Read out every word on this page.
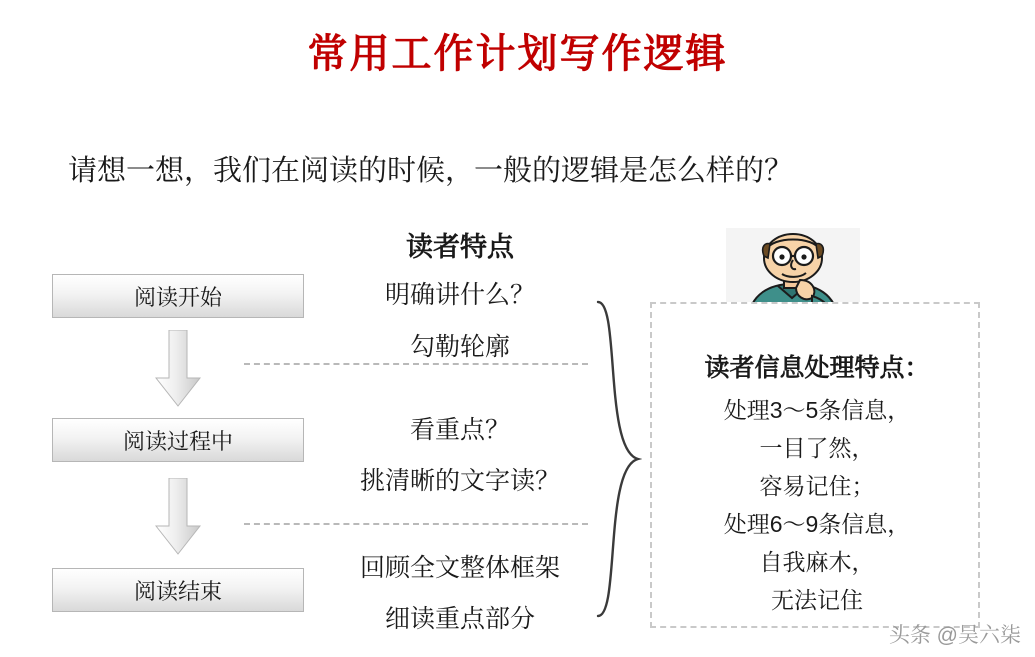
常用工作计划写作逻辑
请想一想，我们在阅读的时候，一般的逻辑是怎么样的？
阅读开始
阅读过程中
阅读结束
读者特点
明确讲什么？
勾勒轮廓
看重点？
挑清晰的文字读？
回顾全文整体框架
细读重点部分
读者信息处理特点：
处理3～5条信息，
一目了然，
容易记住；
处理6～9条信息，
自我麻木，
无法记住
头条 @吴六柒
